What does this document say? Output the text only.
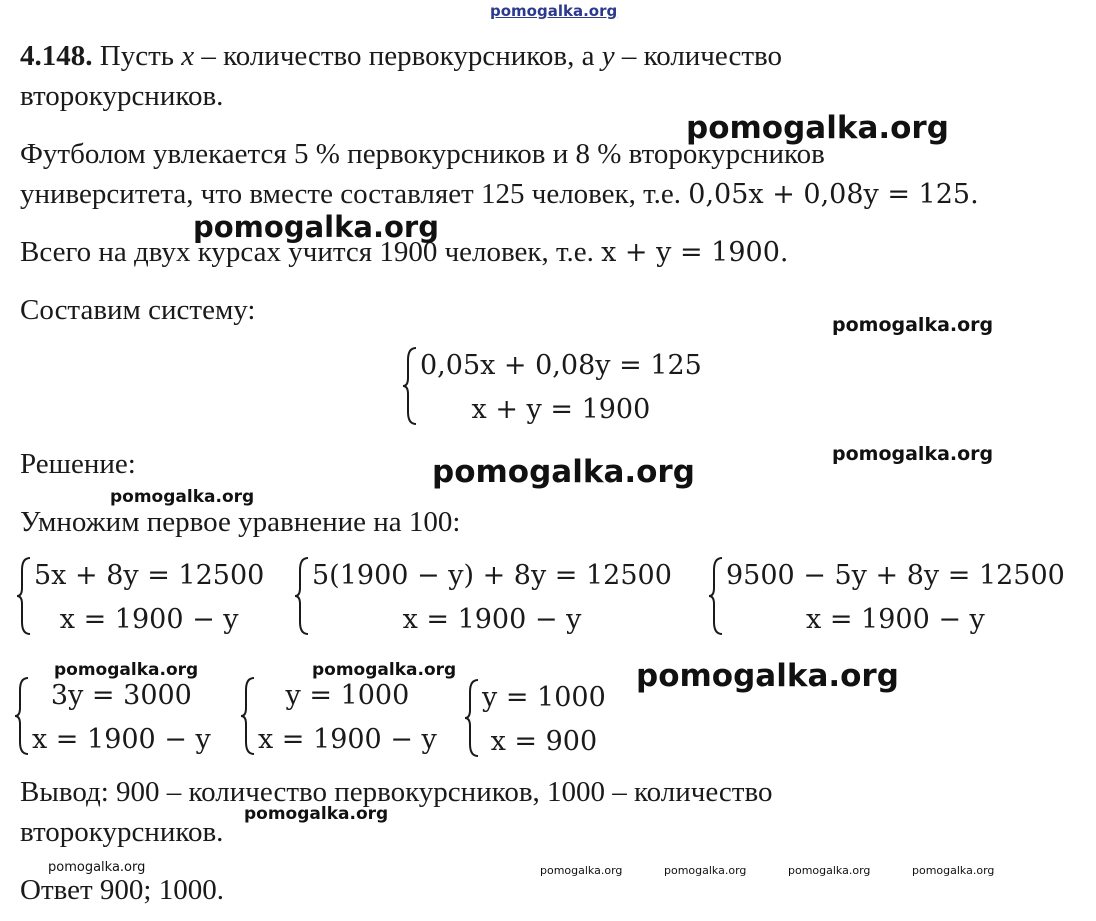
pomogalka.org
4.148. Пусть x – количество первокурсников, а y – количество
второкурсников.
Футболом увлекается 5 % первокурсников и 8 % второкурсников
университета, что вместе составляет 125 человек, т.е. 0,05x + 0,08y = 125.
Всего на двух курсах учится 1900 человек, т.е. x + y = 1900.
Составим систему:
0,05x + 0,08y = 125
x + y = 1900
Решение:
Умножим первое уравнение на 100:
5x + 8y = 12500
x = 1900 − y
5(1900 − y) + 8y = 12500
x = 1900 − y
9500 − 5y + 8y = 12500
x = 1900 − y
3y = 3000
x = 1900 − y
y = 1000
x = 1900 − y
y = 1000
x = 900
Вывод: 900 – количество первокурсников, 1000 – количество
второкурсников.
Ответ 900; 1000.
pomogalka.org
pomogalka.org
pomogalka.org
pomogalka.org
pomogalka.org
pomogalka.org
pomogalka.org	pomogalka.org	pomogalka.org
pomogalka.org
pomogalka.org	pomogalka.org	pomogalka.org	pomogalka.org	pomogalka.org
